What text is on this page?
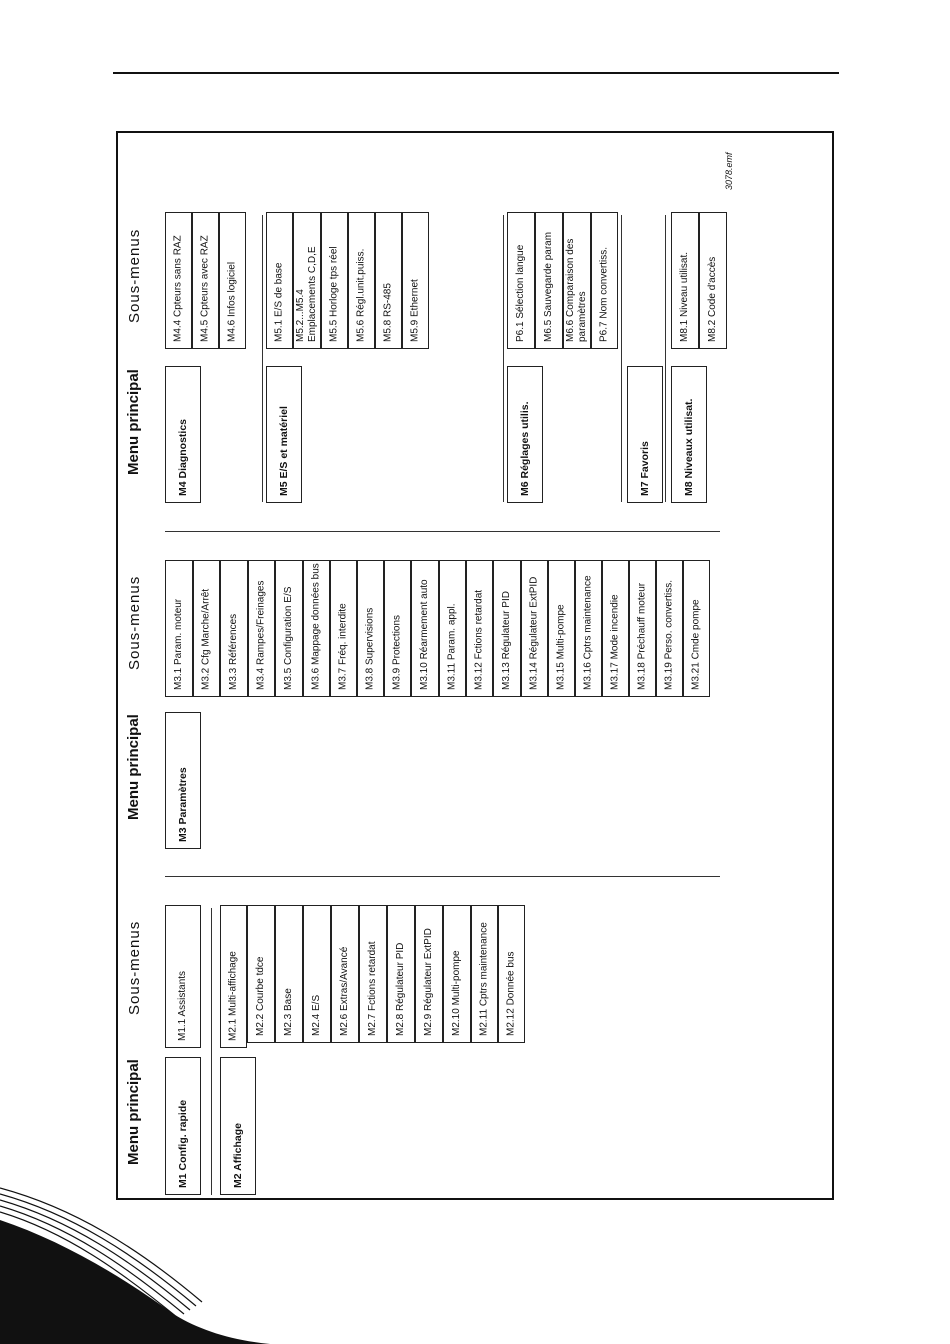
Menu principal
Sous-menus
Menu principal
Sous-menus
Menu principal
Sous-menus
M1 Config. rapide
M1.1 Assistants
M2 Affichage
M2.1 Multi-affichage	M2.2 Courbe tdce	M2.3 Base	M2.4 E/S	M2.6 Extras/Avancé	M2.7 Fctions retardat	M2.8 Régulateur PID	M2.9 Régulateur ExtPID	M2.10 Multi-pompe	M2.11 Cptrs maintenance	M2.12 Donnée bus
M3 Paramètres
M3.1 Param. moteur	M3.2 Cfg Marche/Arrêt	M3.3 Références	M3.4 Rampes/Freinages	M3.5 Configuration E/S	M3.6 Mappage données bus	M3.7 Fréq. interdite	M3.8 Supervisions	M3.9 Protections	M3.10 Réarmement auto	M3.11 Param. appl.	M3.12 Fctions retardat	M3.13 Régulateur PID	M3.14 Régulateur ExtPID	M3.15 Multi-pompe	M3.16 Cptrs maintenance	M3.17 Mode incendie	M3.18 Préchauff moteur	M3.19 Perso. convertiss.	M3.21 Cmde pompe
M4 Diagnostics
M4.4 Cpteurs sans RAZ	M4.5 Cpteurs avec RAZ	M4.6 Infos logiciel
M5 E/S et matériel
M5.1 E/S de base	M5.2...M5.4 Emplacements C,D,E	M5.5 Horloge tps réel	M5.6 Régl.unit.puiss.	M5.8 RS-485	M5.9 Ethernet
M6 Réglages utilis.
P6.1 Sélection langue	M6.5 Sauvegarde param	M6.6 Comparaison des paramètres	P6.7 Nom convertiss.
M7 Favoris	M8 Niveaux utilisat.
M8.1 Niveau utilisat.	M8.2 Code d'accès
3078.emf
